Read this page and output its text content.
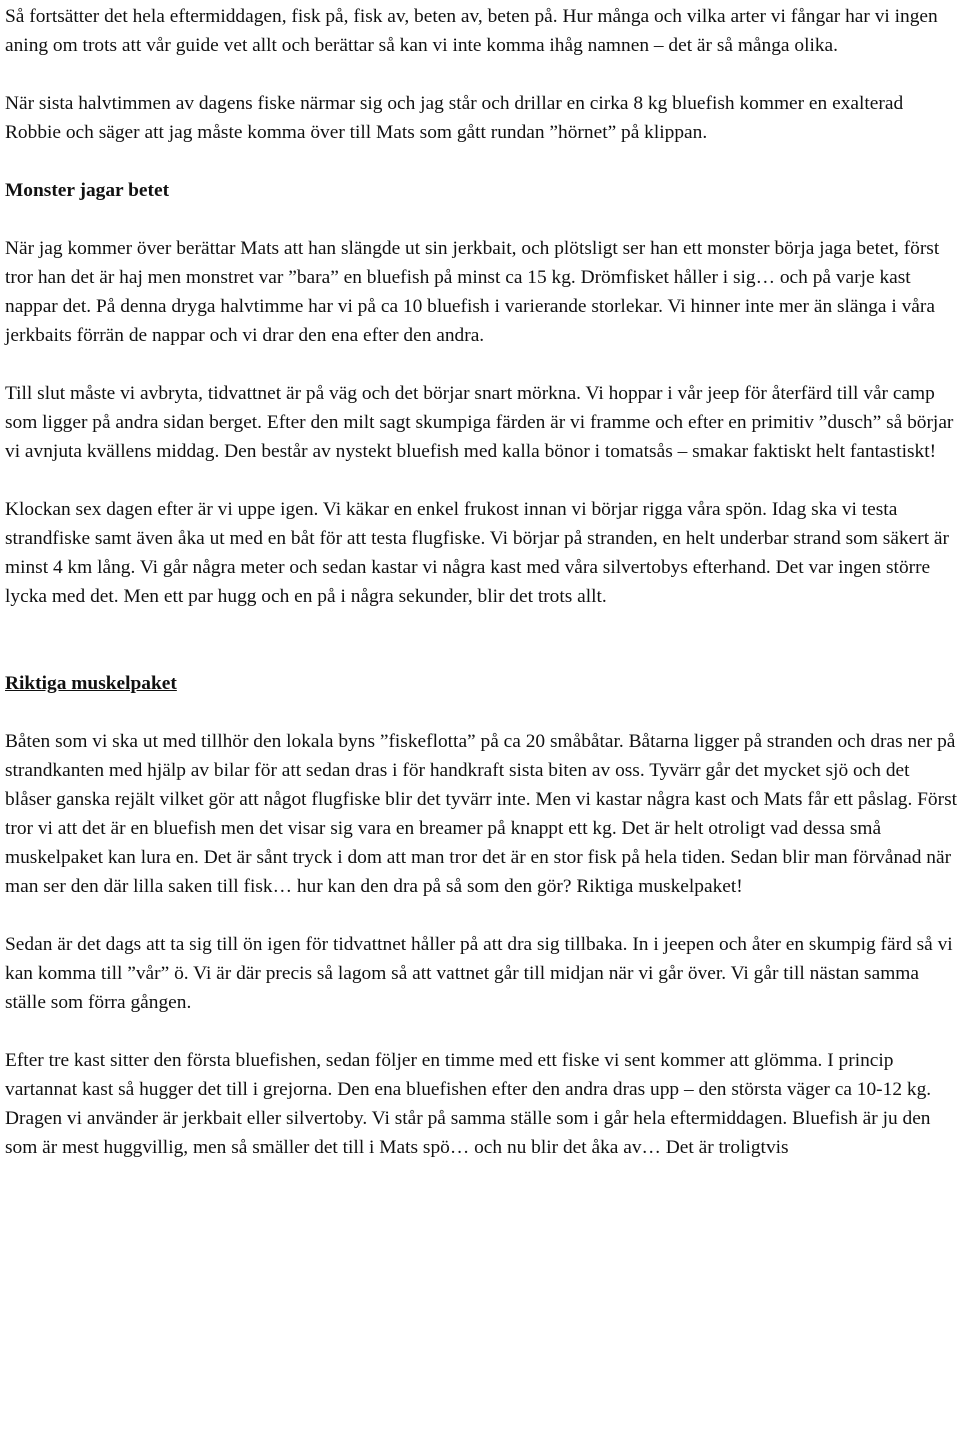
Så fortsätter det hela eftermiddagen, fisk på, fisk av, beten av, beten på. Hur många och vilka arter vi fångar har vi ingen aning om trots att vår guide vet allt och berättar så kan vi inte komma ihåg namnen – det är så många olika.

När sista halvtimmen av dagens fiske närmar sig och jag står och drillar en cirka 8 kg bluefish kommer en exalterad Robbie och säger att jag måste komma över till Mats som gått rundan ”hörnet” på klippan.

Monster jagar betet

När jag kommer över berättar Mats att han slängde ut sin jerkbait, och plötsligt ser han ett monster börja jaga betet, först tror han det är haj men monstret var ”bara” en bluefish på minst ca 15 kg. Drömfisket håller i sig… och på varje kast nappar det. På denna dryga halvtimme har vi på ca 10 bluefish i varierande storlekar. Vi hinner inte mer än slänga i våra jerkbaits förrän de nappar och vi drar den ena efter den andra.

Till slut måste vi avbryta, tidvattnet är på väg och det börjar snart mörkna. Vi hoppar i vår jeep för återfärd till vår camp som ligger på andra sidan berget. Efter den milt sagt skumpiga färden är vi framme och efter en primitiv ”dusch” så börjar vi avnjuta kvällens middag. Den består av nystekt bluefish med kalla bönor i tomatsås – smakar faktiskt helt fantastiskt!

Klockan sex dagen efter är vi uppe igen. Vi käkar en enkel frukost innan vi börjar rigga våra spön. Idag ska vi testa strandfiske samt även åka ut med en båt för att testa flugfiske. Vi börjar på stranden, en helt underbar strand som säkert är minst 4 km lång. Vi går några meter och sedan kastar vi några kast med våra silvertobys efterhand. Det var ingen större lycka med det. Men ett par hugg och en på i några sekunder, blir det trots allt.

Riktiga muskelpaket

Båten som vi ska ut med tillhör den lokala byns ”fiskeflotta” på ca 20 småbåtar. Båtarna ligger på stranden och dras ner på strandkanten med hjälp av bilar för att sedan dras i för handkraft sista biten av oss. Tyvärr går det mycket sjö och det blåser ganska rejält vilket gör att något flugfiske blir det tyvärr inte. Men vi kastar några kast och Mats får ett påslag. Först tror vi att det är en bluefish men det visar sig vara en breamer på knappt ett kg. Det är helt otroligt vad dessa små muskelpaket kan lura en. Det är sånt tryck i dom att man tror det är en stor fisk på hela tiden. Sedan blir man förvånad när man ser den där lilla saken till fisk… hur kan den dra på så som den gör? Riktiga muskelpaket!

Sedan är det dags att ta sig till ön igen för tidvattnet håller på att dra sig tillbaka. In i jeepen och åter en skumpig färd så vi kan komma till ”vår” ö. Vi är där precis så lagom så att vattnet går till midjan när vi går över. Vi går till nästan samma ställe som förra gången.

Efter tre kast sitter den första bluefishen, sedan följer en timme med ett fiske vi sent kommer att glömma. I princip vartannat kast så hugger det till i grejorna. Den ena bluefishen efter den andra dras upp – den största väger ca 10-12 kg. Dragen vi använder är jerkbait eller silvertoby. Vi står på samma ställe som i går hela eftermiddagen. Bluefish är ju den som är mest huggvillig, men så smäller det till i Mats spö… och nu blir det åka av… Det är troligtvis
